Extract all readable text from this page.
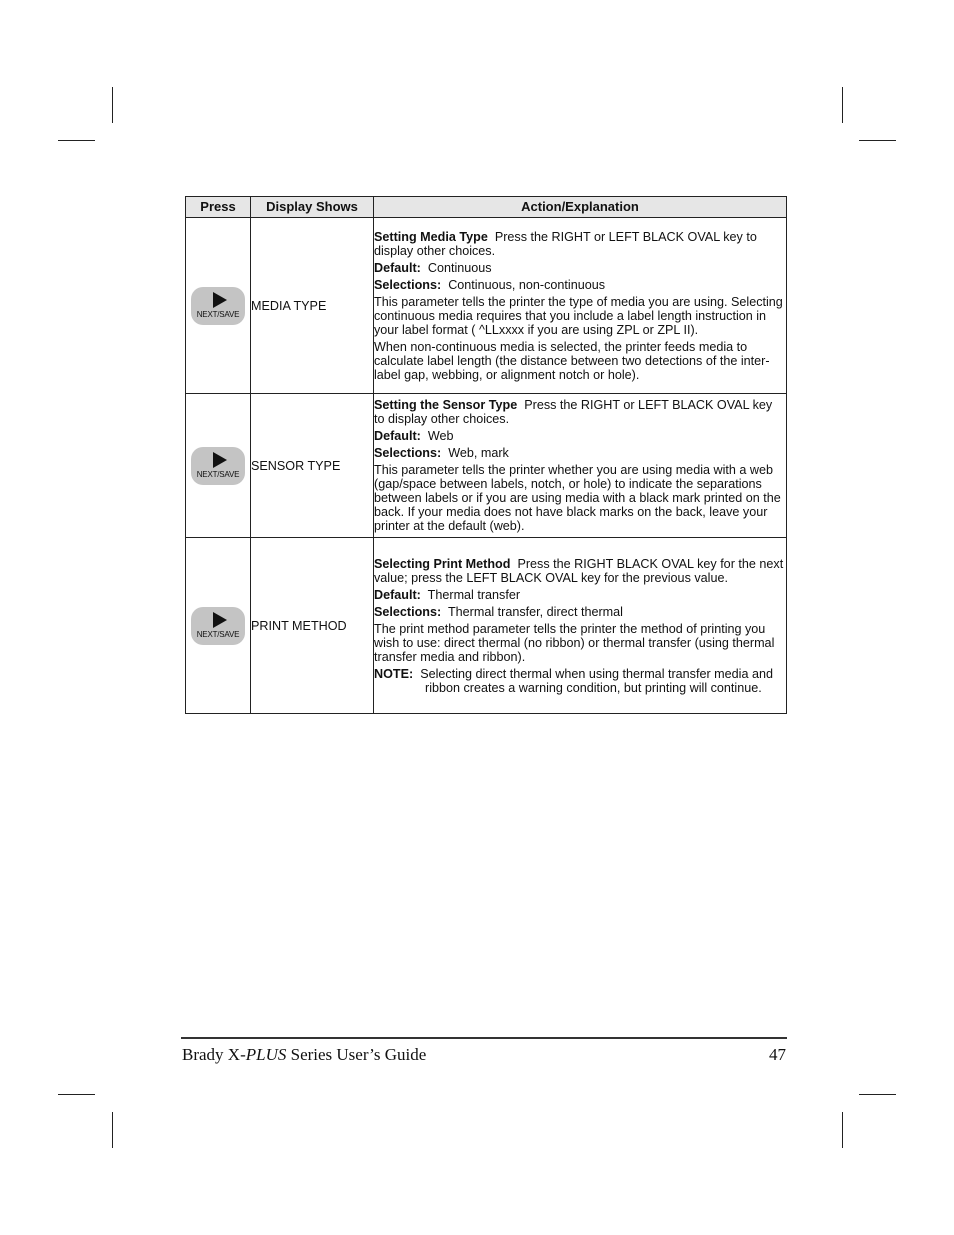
Press	Display Shows	Action/Explanation

NEXT/SAVE	MEDIA TYPE	Setting Media Type Press the RIGHT or LEFT BLACK OVAL key to display other choices.

Default: Continuous

Selections: Continuous, non-continuous

This parameter tells the printer the type of media you are using. Selecting continuous media requires that you include a label length instruction in your label format ( ^LLxxxx if you are using ZPL or ZPL II).

When non-continuous media is selected, the printer feeds media to calculate label length (the distance between two detections of the inter-label gap, webbing, or alignment notch or hole).

NEXT/SAVE	SENSOR TYPE	Setting the Sensor Type Press the RIGHT or LEFT BLACK OVAL key to display other choices.

Default: Web

Selections: Web, mark

This parameter tells the printer whether you are using media with a web (gap/space between labels, notch, or hole) to indicate the separations between labels or if you are using media with a black mark printed on the back. If your media does not have black marks on the back, leave your printer at the default (web).

NEXT/SAVE	PRINT METHOD	Selecting Print Method Press the RIGHT BLACK OVAL key for the next value; press the LEFT BLACK OVAL key for the previous value.

Default: Thermal transfer

Selections: Thermal transfer, direct thermal

The print method parameter tells the printer the method of printing you wish to use: direct thermal (no ribbon) or thermal transfer (using thermal transfer media and ribbon).

NOTE: Selecting direct thermal when using thermal transfer media and ribbon creates a warning condition, but printing will continue.

Brady X-PLUS Series User’s Guide	47
